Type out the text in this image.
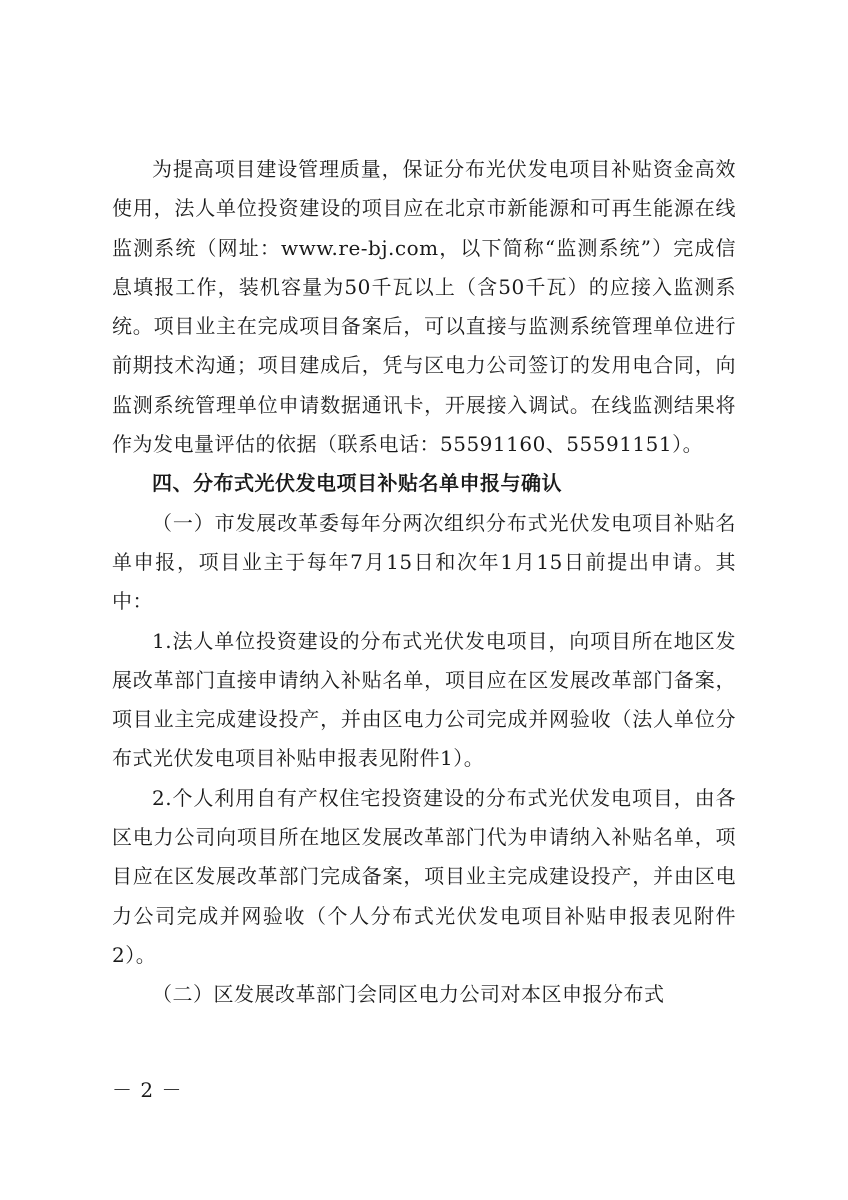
为提高项目建设管理质量，保证分布光伏发电项目补贴资金高效使用，法人单位投资建设的项目应在北京市新能源和可再生能源在线监测系统（网址：www.re-bj.com，以下简称“监测系统”）完成信息填报工作，装机容量为50千瓦以上（含50千瓦）的应接入监测系统。项目业主在完成项目备案后，可以直接与监测系统管理单位进行前期技术沟通；项目建成后，凭与区电力公司签订的发用电合同，向监测系统管理单位申请数据通讯卡，开展接入调试。在线监测结果将作为发电量评估的依据（联系电话：55591160、55591151）。

四、分布式光伏发电项目补贴名单申报与确认

（一）市发展改革委每年分两次组织分布式光伏发电项目补贴名单申报，项目业主于每年7月15日和次年1月15日前提出申请。其中：

1.法人单位投资建设的分布式光伏发电项目，向项目所在地区发展改革部门直接申请纳入补贴名单，项目应在区发展改革部门备案，项目业主完成建设投产，并由区电力公司完成并网验收（法人单位分布式光伏发电项目补贴申报表见附件1）。

2.个人利用自有产权住宅投资建设的分布式光伏发电项目，由各区电力公司向项目所在地区发展改革部门代为申请纳入补贴名单，项目应在区发展改革部门完成备案，项目业主完成建设投产，并由区电力公司完成并网验收（个人分布式光伏发电项目补贴申报表见附件2）。

（二）区发展改革部门会同区电力公司对本区申报分布式

－ 2 －
